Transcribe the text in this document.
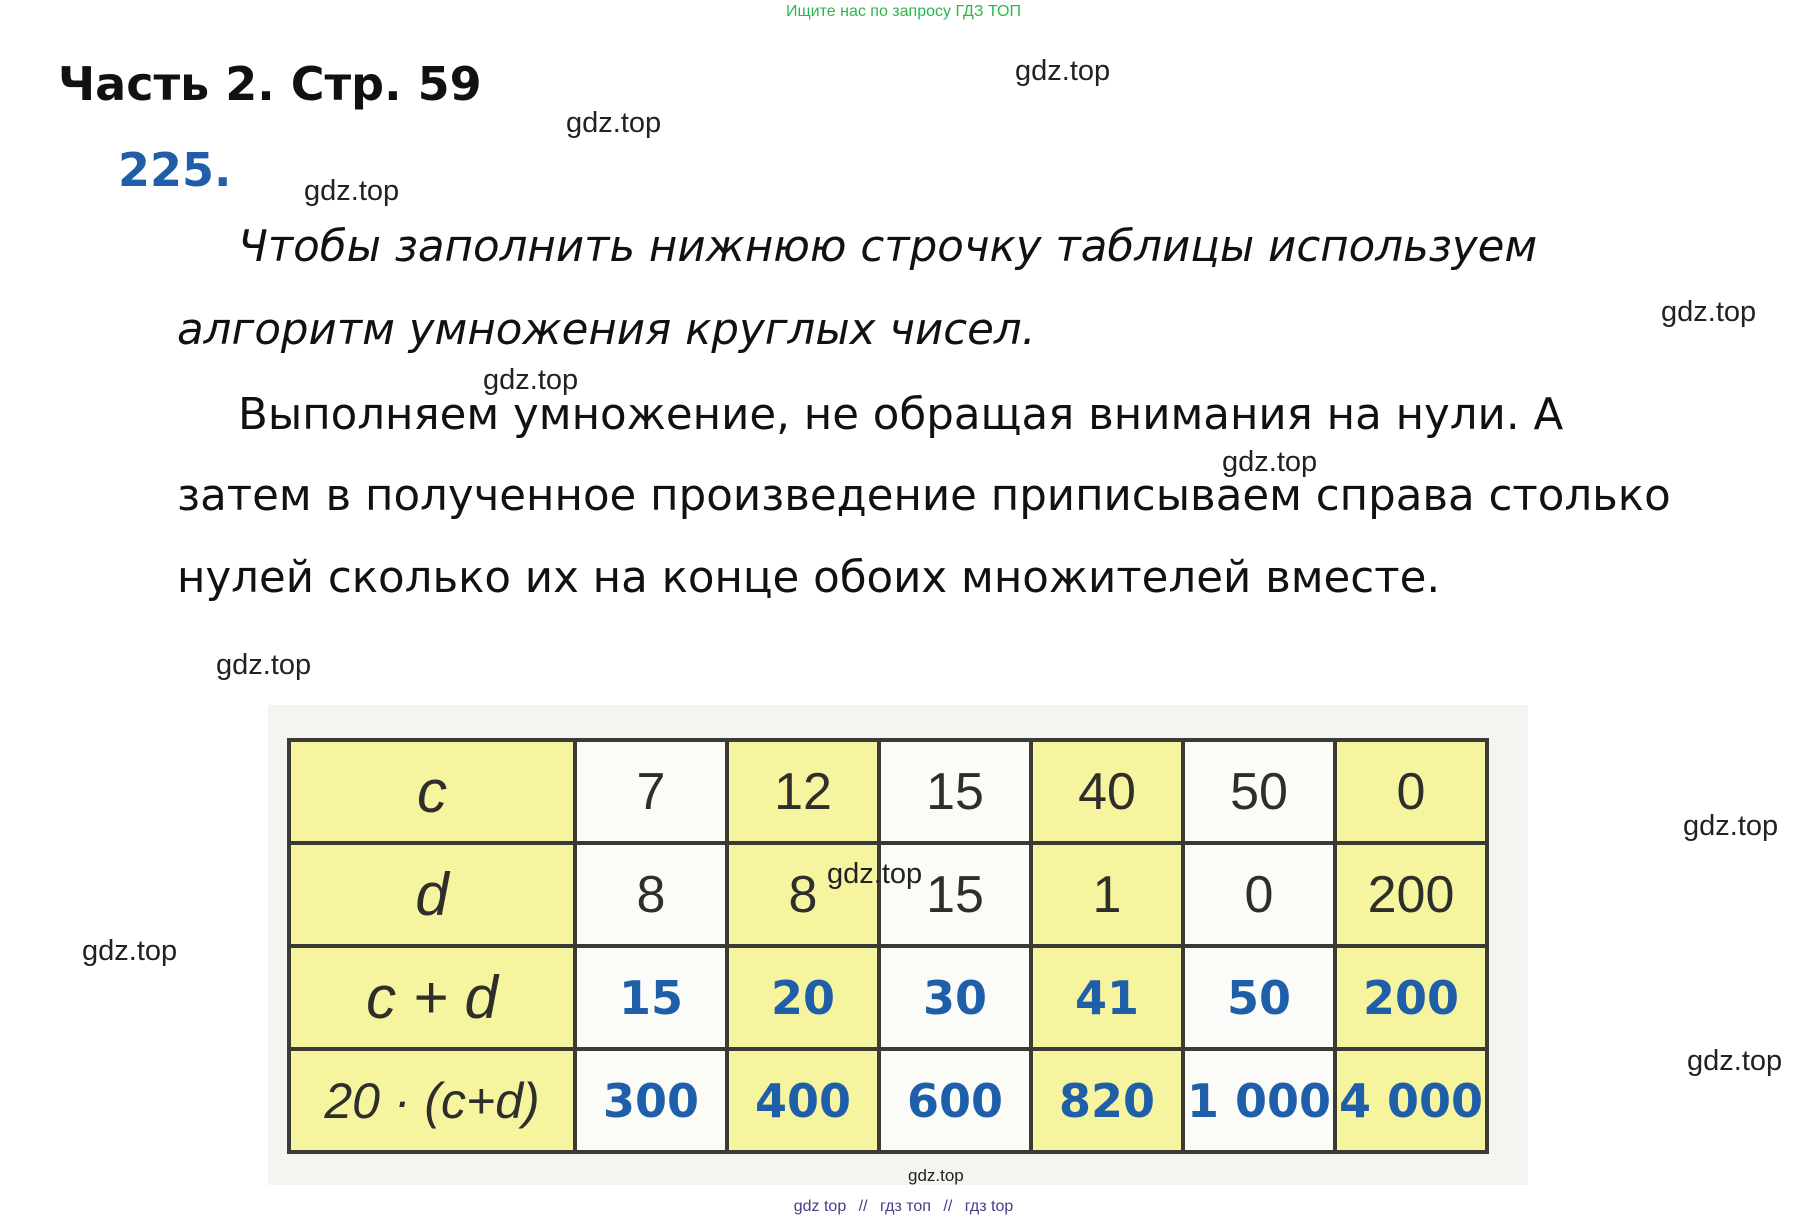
Ищите нас по запросу ГДЗ ТОП
Часть 2. Стр. 59
225.
Чтобы заполнить нижнюю строчку таблицы используем
алгоритм умножения круглых чисел.
Выполняем умножение, не обращая внимания на нули. А
затем в полученное произведение приписываем справа столько
нулей сколько их на конце обоих множителей вместе.
gdz.top
gdz.top
gdz.top
gdz.top
gdz.top
gdz.top
gdz.top
gdz.top
gdz.top
gdz.top
c	7	12	15	40	50	0
d	8	8	15	1	0	200
c + d	15	20	30	41	50	200
20 · (c+d)	300	400	600	820	1 000	4 000
gdz.top
gdz.top
gdz top // гдз топ // гдз top
